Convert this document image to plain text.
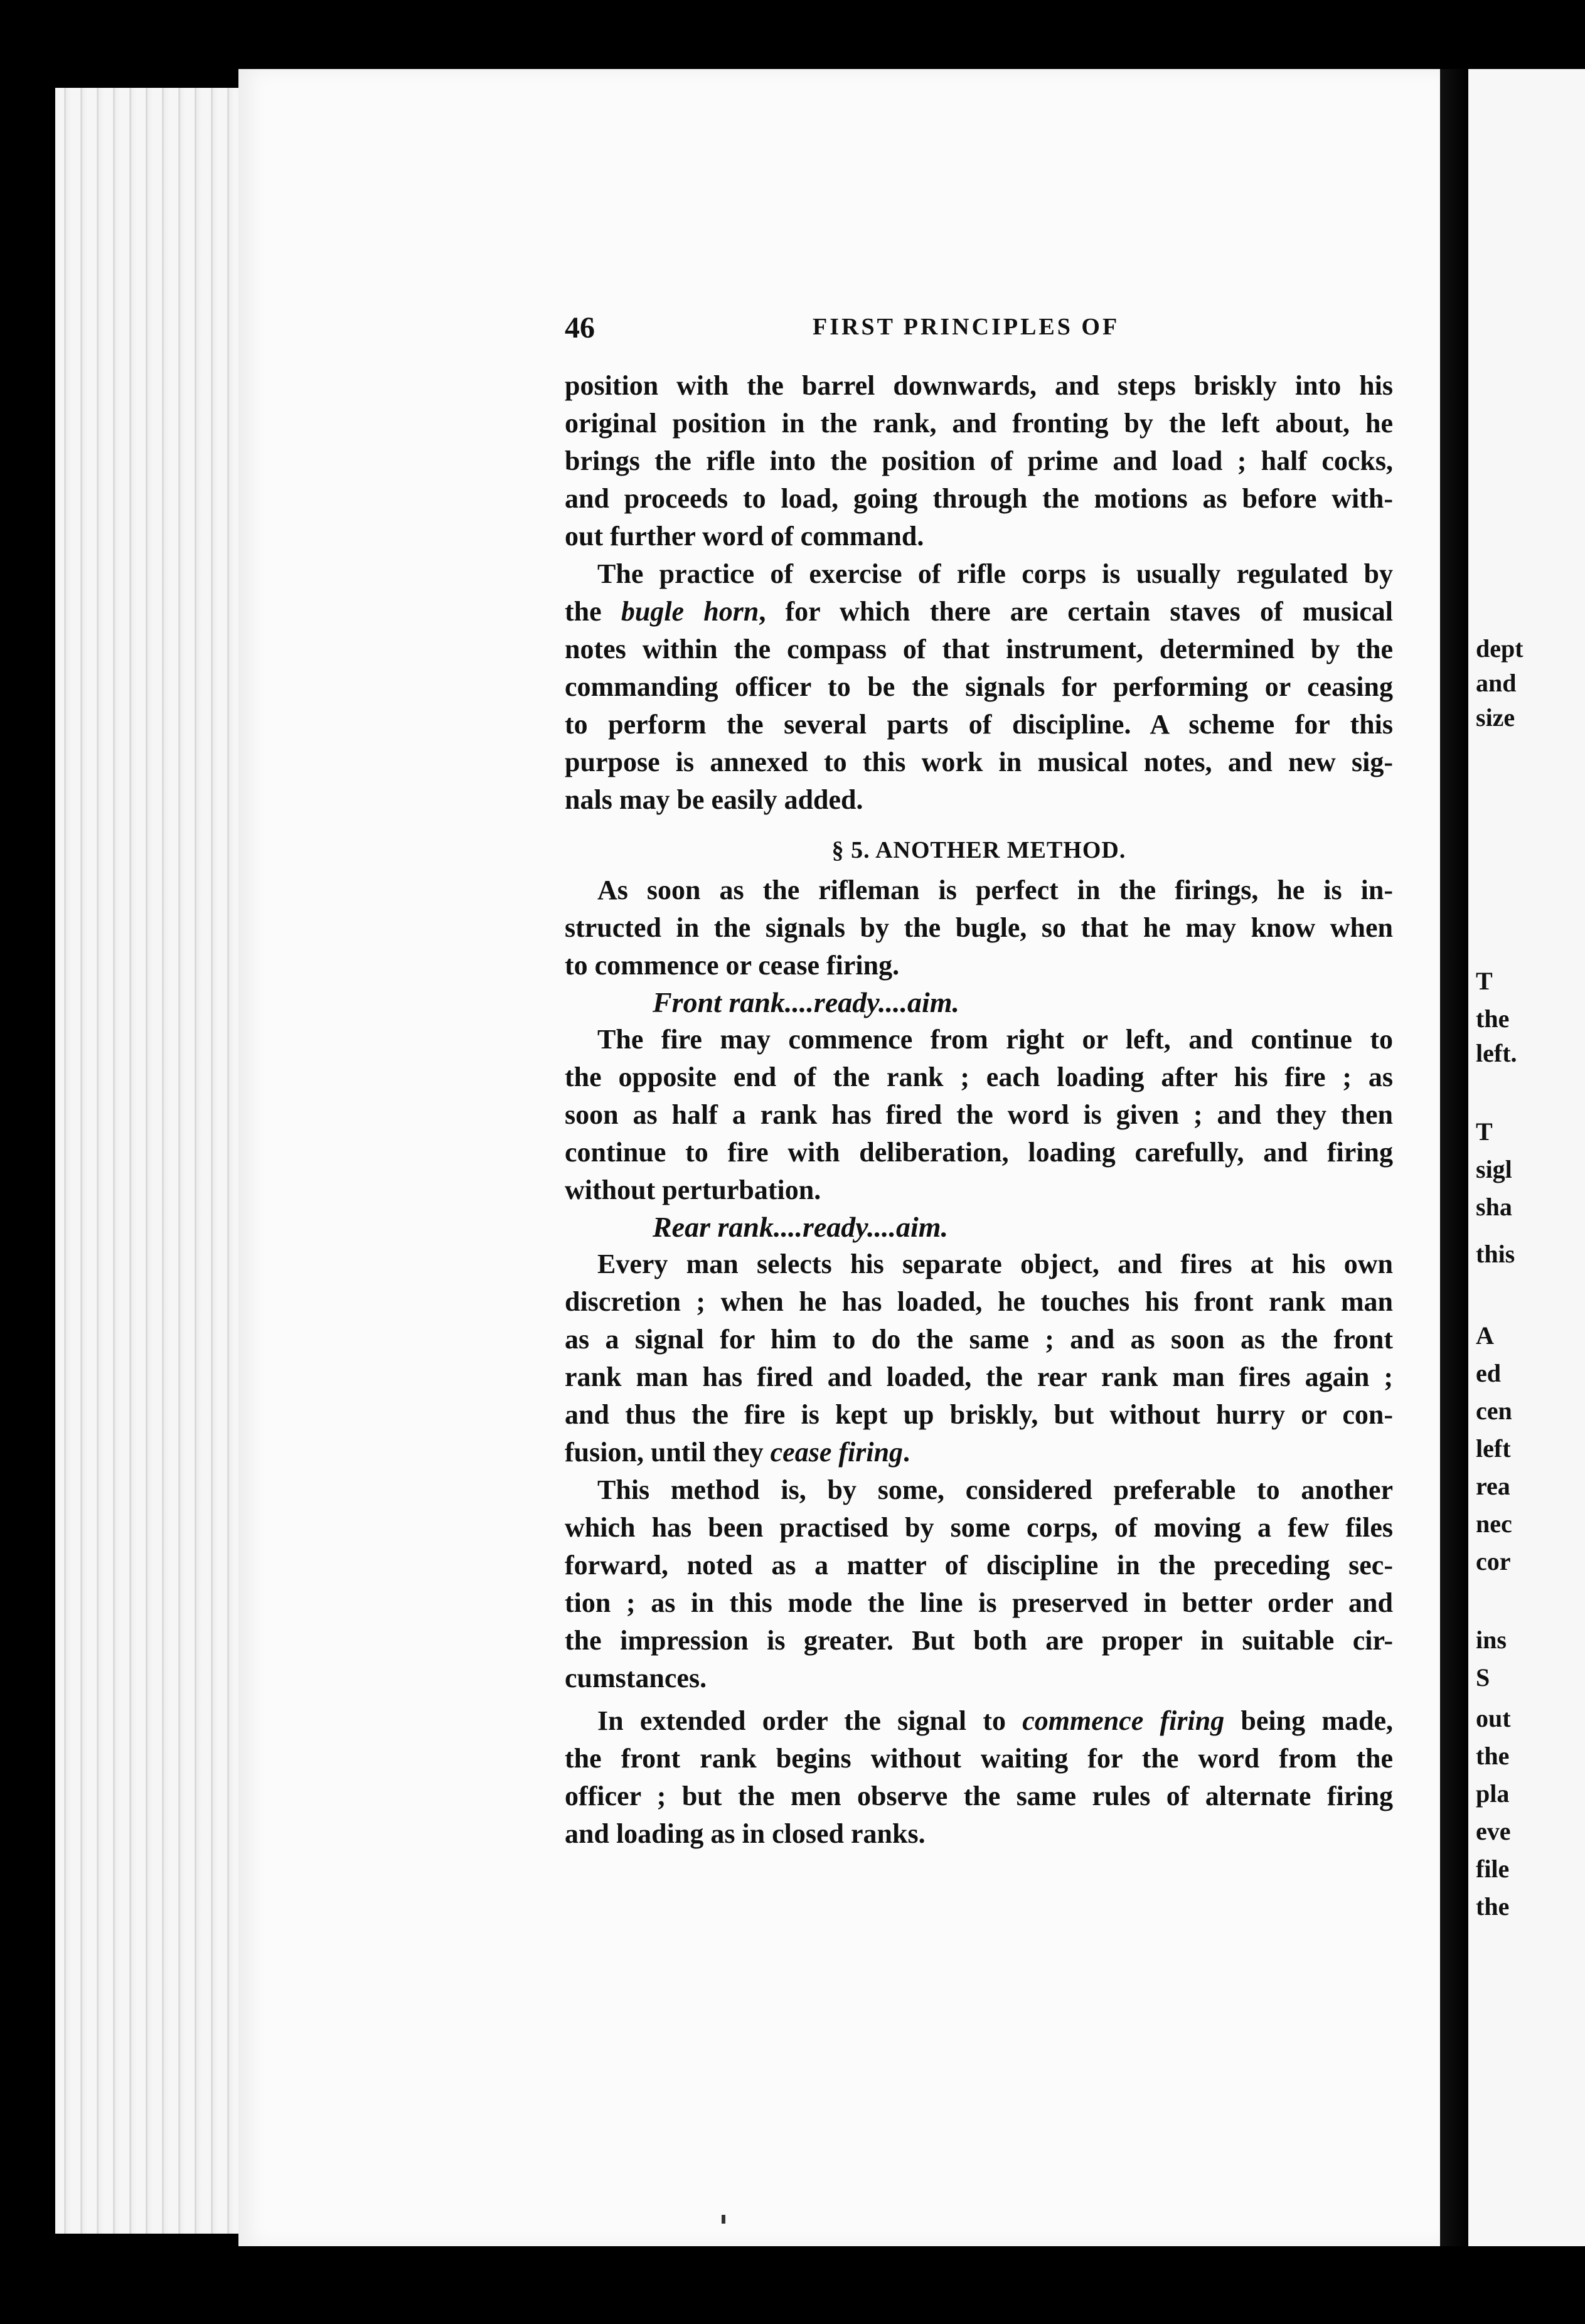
dept
and
size
T
the
left.
T
sigl
sha
this
A
ed
cen
left
rea
nec
cor
ins
S
out
the
pla
eve
file
the
46	FIRST PRINCIPLES OF
position with the barrel downwards, and steps briskly into his
original position in the rank, and fronting by the left about, he
brings the rifle into the position of prime and load ; half cocks,
and proceeds to load, going through the motions as before with-
out further word of command.
The practice of exercise of rifle corps is usually regulated by
the bugle horn, for which there are certain staves of musical
notes within the compass of that instrument, determined by the
commanding officer to be the signals for performing or ceasing
to perform the several parts of discipline. A scheme for this
purpose is annexed to this work in musical notes, and new sig-
nals may be easily added.
§ 5. ANOTHER METHOD.
As soon as the rifleman is perfect in the firings, he is in-
structed in the signals by the bugle, so that he may know when
to commence or cease firing.
Front rank....ready....aim.
The fire may commence from right or left, and continue to
the opposite end of the rank ; each loading after his fire ; as
soon as half a rank has fired the word is given ; and they then
continue to fire with deliberation, loading carefully, and firing
without perturbation.
Rear rank....ready....aim.
Every man selects his separate object, and fires at his own
discretion ; when he has loaded, he touches his front rank man
as a signal for him to do the same ; and as soon as the front
rank man has fired and loaded, the rear rank man fires again ;
and thus the fire is kept up briskly, but without hurry or con-
fusion, until they cease firing.
This method is, by some, considered preferable to another
which has been practised by some corps, of moving a few files
forward, noted as a matter of discipline in the preceding sec-
tion ; as in this mode the line is preserved in better order and
the impression is greater. But both are proper in suitable cir-
cumstances.
In extended order the signal to commence firing being made,
the front rank begins without waiting for the word from the
officer ; but the men observe the same rules of alternate firing
and loading as in closed ranks.
